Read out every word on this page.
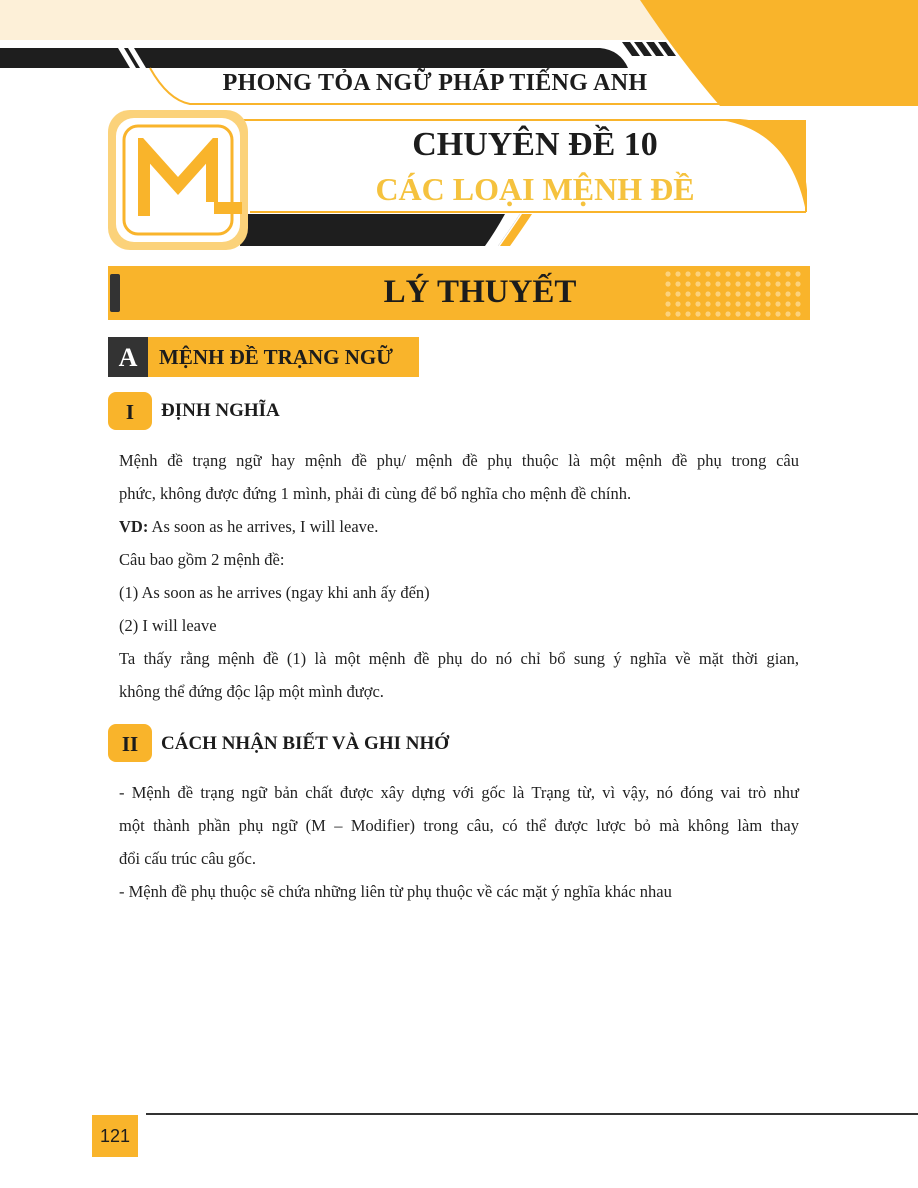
PHONG TỎA NGỮ PHÁP TIẾNG ANH
CHUYÊN ĐỀ 10
CÁC LOẠI MỆNH ĐỀ
LÝ THUYẾT
A	MỆNH ĐỀ TRẠNG NGỮ
I	ĐỊNH NGHĨA

Mệnh đề trạng ngữ hay mệnh đề phụ/ mệnh đề phụ thuộc là một mệnh đề phụ trong câu

phức, không được đứng 1 mình, phải đi cùng để bổ nghĩa cho mệnh đề chính.

VD: As soon as he arrives, I will leave.

Câu bao gồm 2 mệnh đề:

(1) As soon as he arrives (ngay khi anh ấy đến)

(2) I will leave

Ta thấy rằng mệnh đề (1) là một mệnh đề phụ do nó chỉ bổ sung ý nghĩa về mặt thời gian,

không thể đứng độc lập một mình được.

II	CÁCH NHẬN BIẾT VÀ GHI NHỚ

- Mệnh đề trạng ngữ bản chất được xây dựng với gốc là Trạng từ, vì vậy, nó đóng vai trò như

một thành phần phụ ngữ (M – Modifier) trong câu, có thể được lược bỏ mà không làm thay

đổi cấu trúc câu gốc.

- Mệnh đề phụ thuộc sẽ chứa những liên từ phụ thuộc về các mặt ý nghĩa khác nhau

121
